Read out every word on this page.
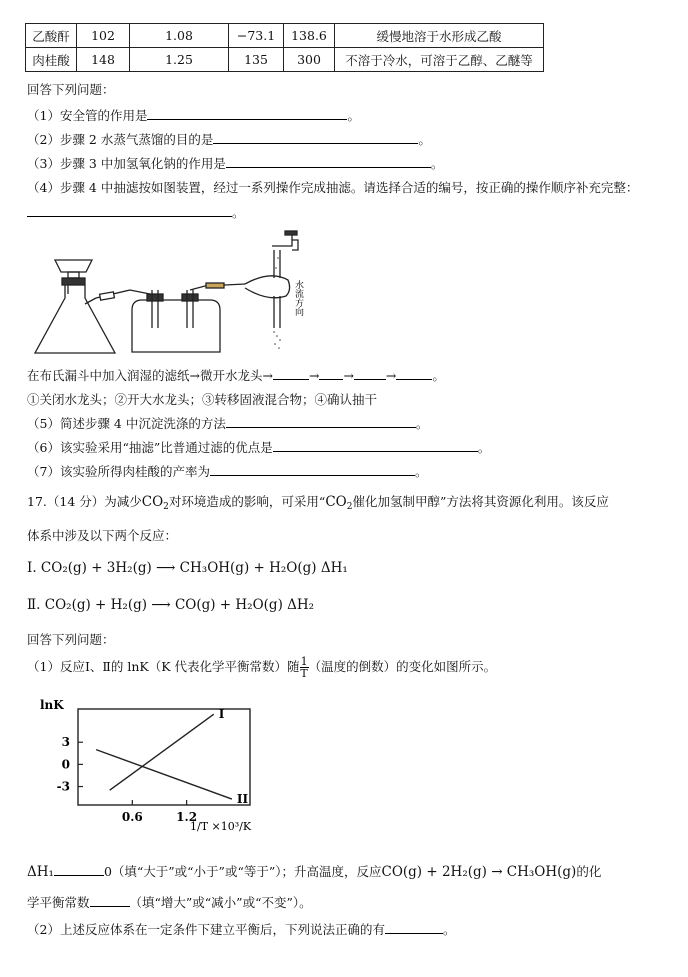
乙酸酐	102	1.08	−73.1	138.6	缓慢地溶于水形成乙酸
肉桂酸	148	1.25	135	300	不溶于冷水，可溶于乙醇、乙醚等
回答下列问题：
（1）安全管的作用是	。
（2）步骤 2 水蒸气蒸馏的目的是	。
（3）步骤 3 中加氢氧化钠的作用是	。
（4）步骤 4 中抽滤按如图装置，经过一系列操作完成抽滤。请选择合适的编号，按正确的操作顺序补充完整：
。
水流方向
在布氏漏斗中加入润湿的滤纸→微开水龙头→	→ →	→	。
①关闭水龙头；②开大水龙头；③转移固液混合物；④确认抽干
（5）简述步骤 4 中沉淀洗涤的方法	。
（6）该实验采用“抽滤”比普通过滤的优点是	。
（7）该实验所得肉桂酸的产率为	。
17.（14 分）为减少$CO_2$对环境造成的影响，可采用“$CO_2$催化加氢制甲醇”方法将其资源化利用。该反应
体系中涉及以下两个反应：
Ⅰ. CO₂(g) + 3H₂(g) ⟶ CH₃OH(g) + H₂O(g) ΔH₁
Ⅱ. CO₂(g) + H₂(g) ⟶ CO(g) + H₂O(g) ΔH₂
回答下列问题：
（1）反应Ⅰ、Ⅱ的 lnK（K 代表化学平衡常数）随 $\frac{1}{T}$ （温度的倒数）的变化如图所示。
lnK
3
0
-3
0.6	1.2
I
II
1/T ×10³/K
ΔH₁	0（填“大于”或“小于”或“等于”）；升高温度，反应CO(g) + 2H₂(g) → CH₃OH(g)的化
学平衡常数	（填“增大”或“减小”或“不变”）。
（2）上述反应体系在一定条件下建立平衡后，下列说法正确的有	。
